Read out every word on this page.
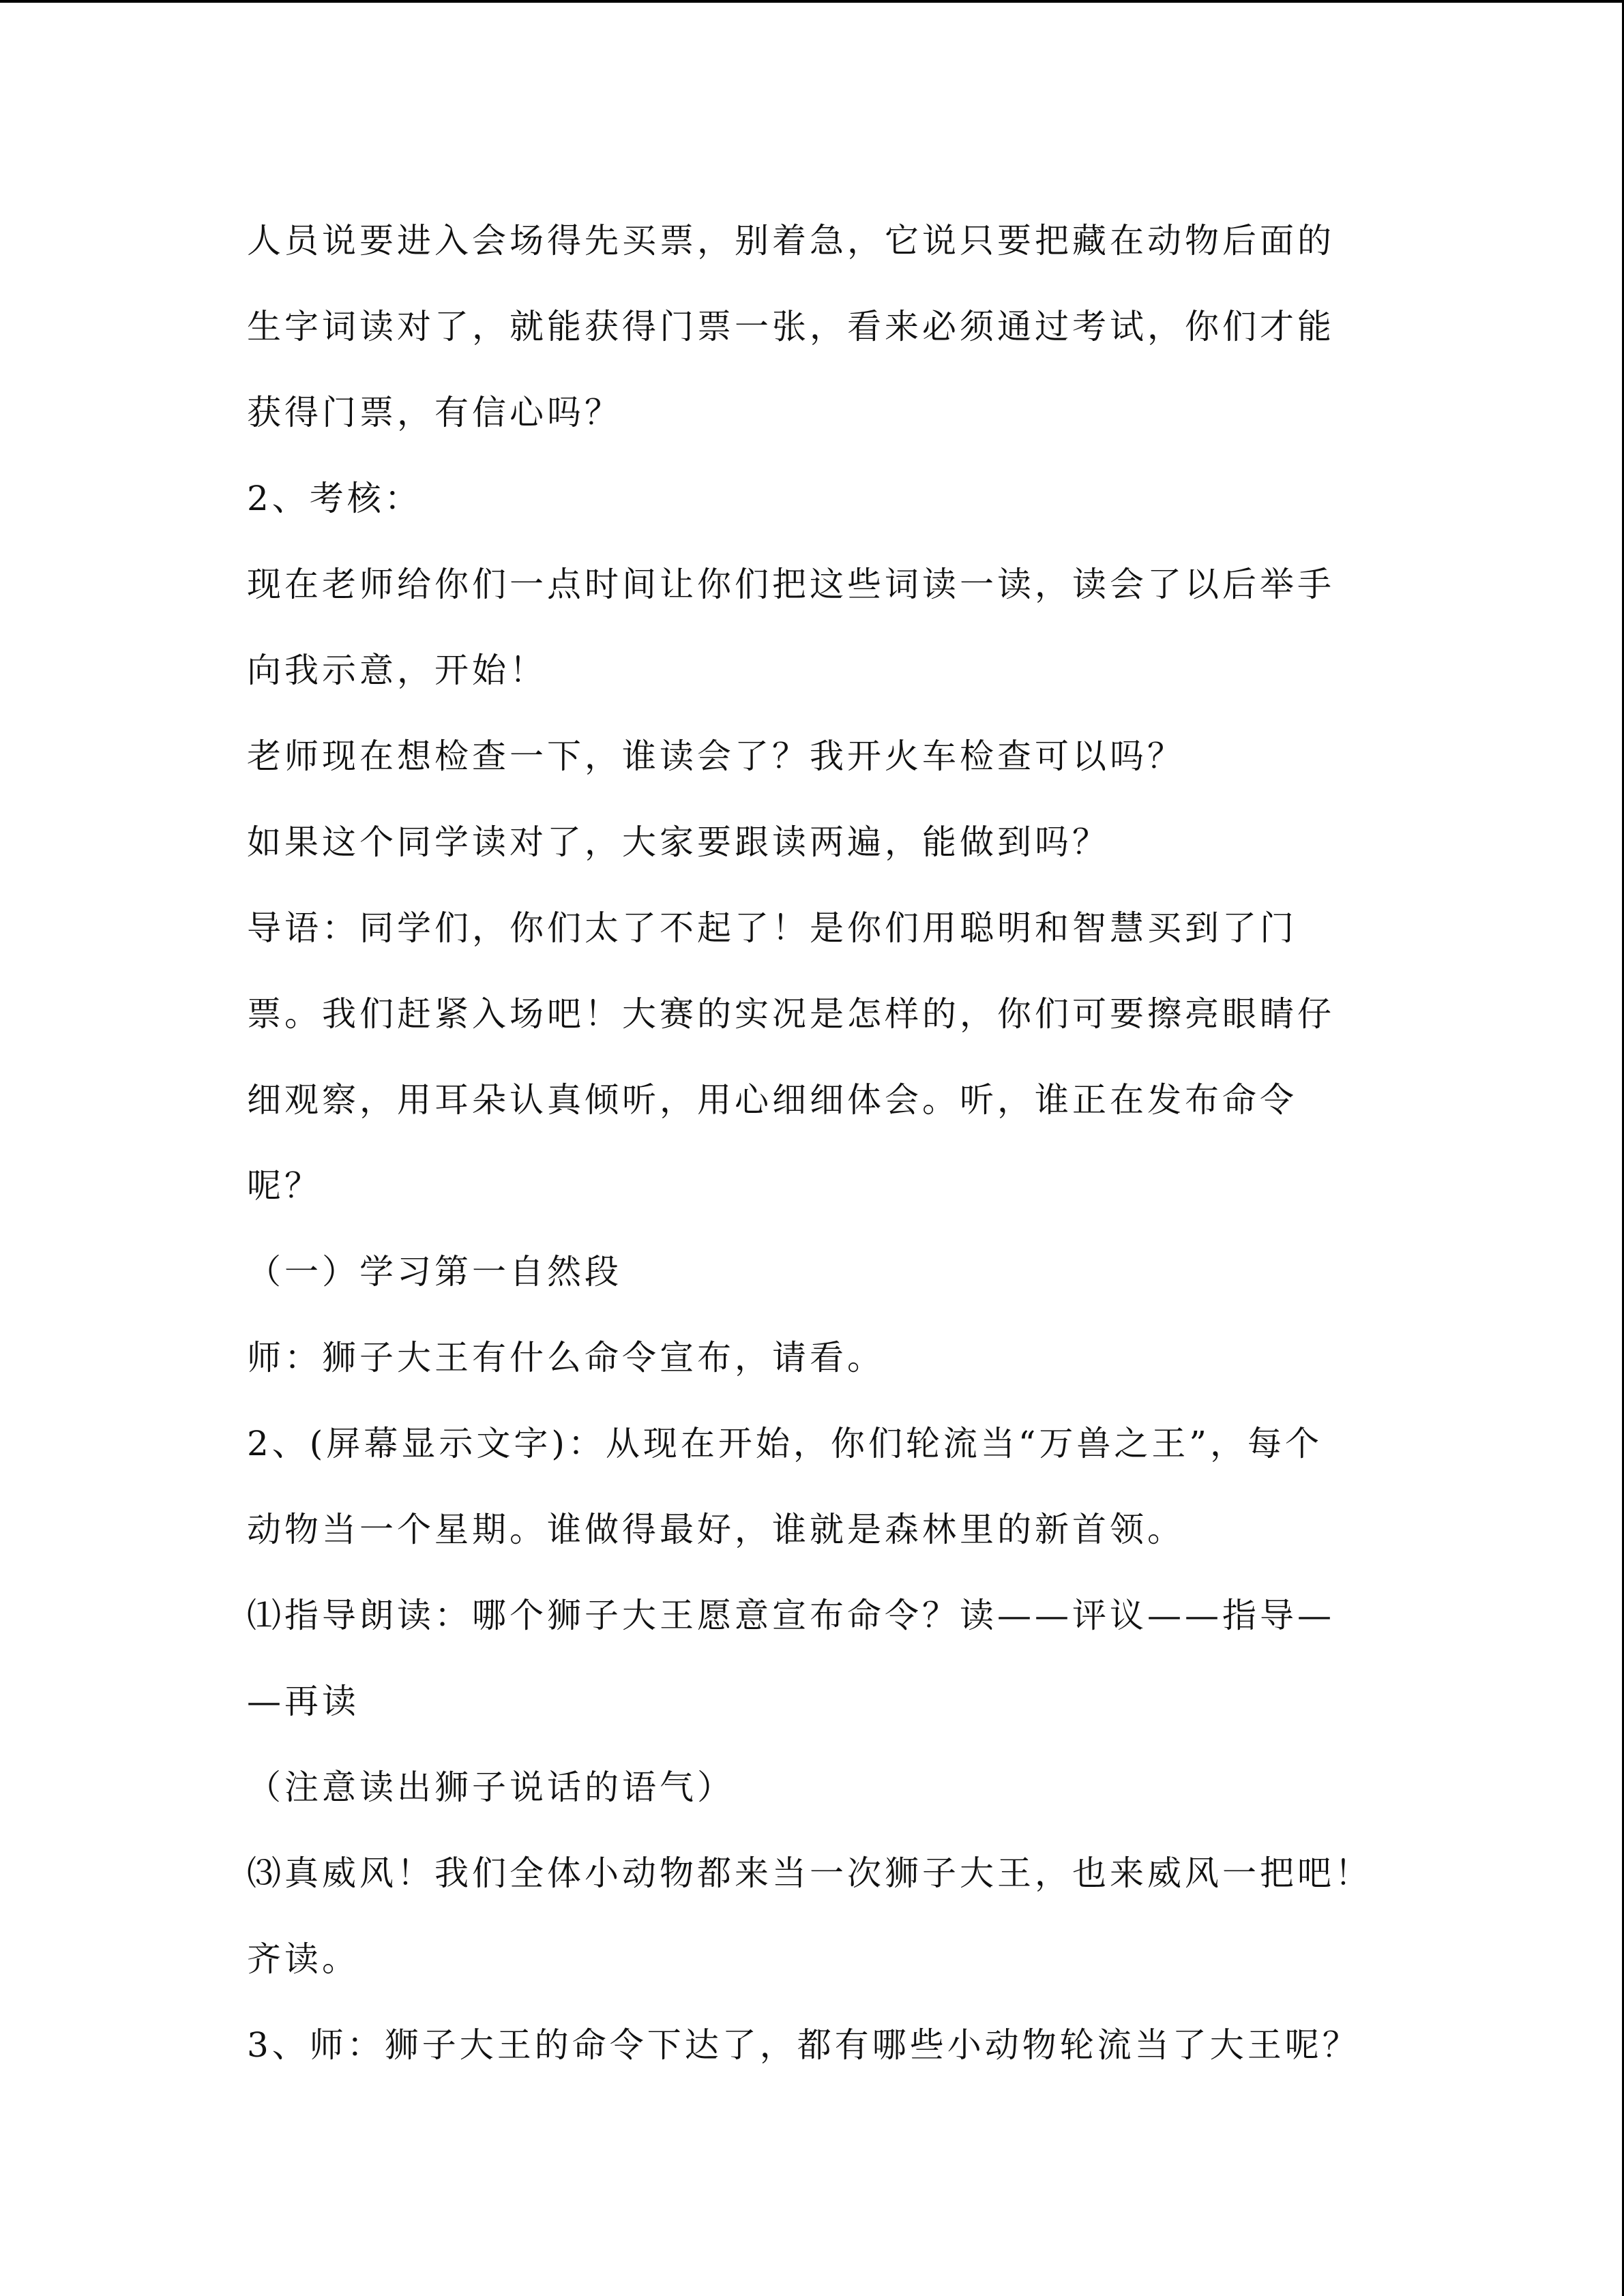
人员说要进入会场得先买票，别着急，它说只要把藏在动物后面的
生字词读对了，就能获得门票一张，看来必须通过考试，你们才能
获得门票，有信心吗？
2、考核：
现在老师给你们一点时间让你们把这些词读一读，读会了以后举手
向我示意，开始！
老师现在想检查一下，谁读会了？我开火车检查可以吗？
如果这个同学读对了，大家要跟读两遍，能做到吗？
导语：同学们，你们太了不起了！是你们用聪明和智慧买到了门
票。我们赶紧入场吧！大赛的实况是怎样的，你们可要擦亮眼睛仔
细观察，用耳朵认真倾听，用心细细体会。听，谁正在发布命令
呢？
（一）学习第一自然段
师：狮子大王有什么命令宣布，请看。
2、(屏幕显示文字)：从现在开始，你们轮流当“万兽之王”，每个
动物当一个星期。谁做得最好，谁就是森林里的新首领。
⑴指导朗读：哪个狮子大王愿意宣布命令？读——评议——指导—
—再读
（注意读出狮子说话的语气）
⑶真威风！我们全体小动物都来当一次狮子大王，也来威风一把吧！
齐读。
3、师：狮子大王的命令下达了，都有哪些小动物轮流当了大王呢？
